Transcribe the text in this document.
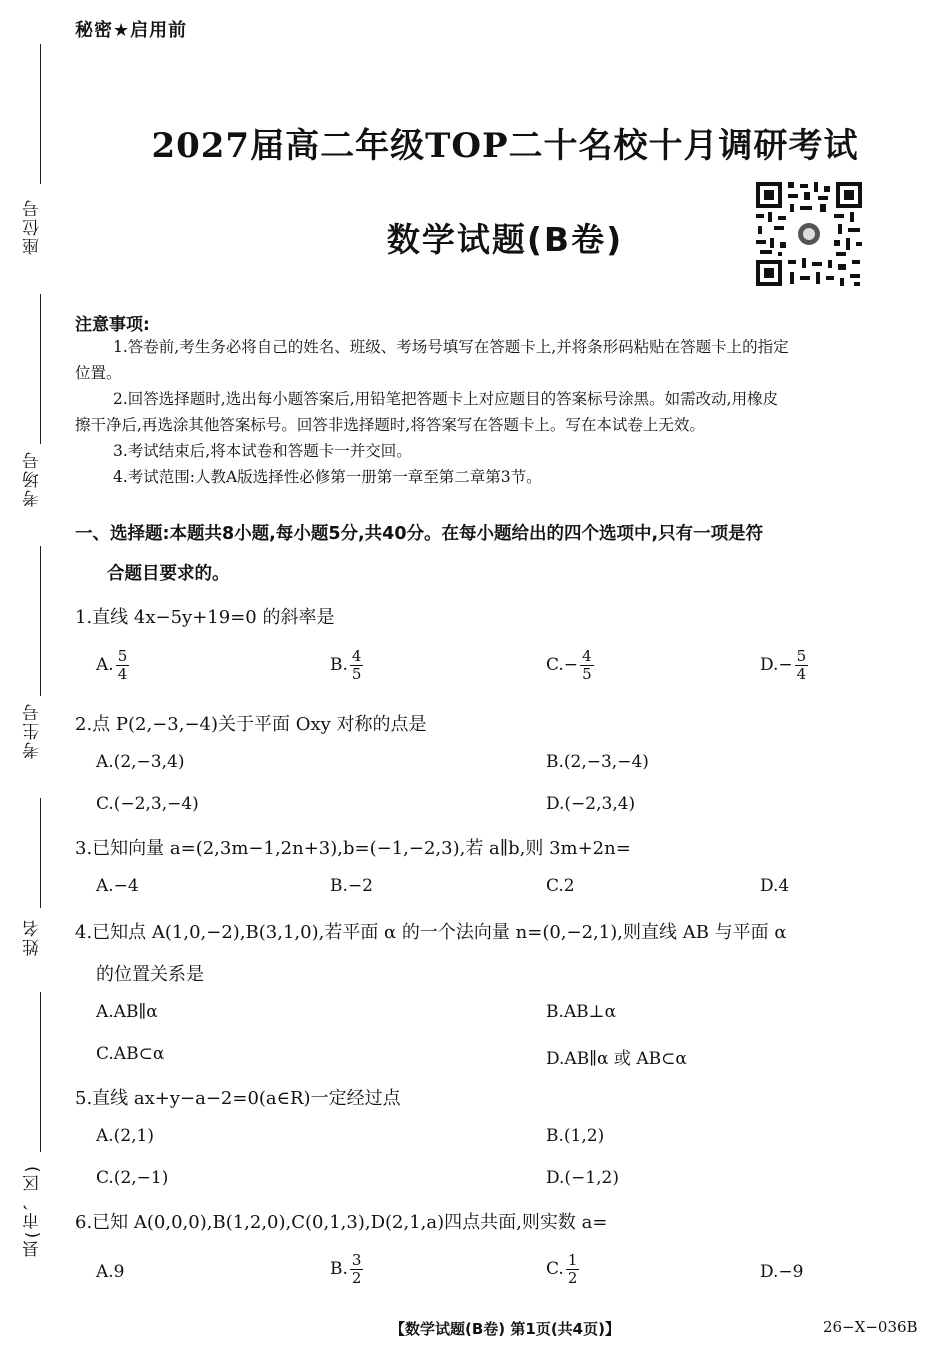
秘密★启用前
座位号
考场号
考生号
姓名
县(市、区)
2027届高二年级TOP二十名校十月调研考试
数学试题(B卷)
注意事项:
1.答卷前,考生务必将自己的姓名、班级、考场号填写在答题卡上,并将条形码粘贴在答题卡上的指定
位置。
2.回答选择题时,选出每小题答案后,用铅笔把答题卡上对应题目的答案标号涂黑。如需改动,用橡皮
擦干净后,再选涂其他答案标号。回答非选择题时,将答案写在答题卡上。写在本试卷上无效。
3.考试结束后,将本试卷和答题卡一并交回。
4.考试范围:人教A版选择性必修第一册第一章至第二章第3节。
一、选择题:本题共8小题,每小题5分,共40分。在每小题给出的四个选项中,只有一项是符
合题目要求的。
1.直线 4x−5y+19=0 的斜率是
A. $\frac{5}{4}$	B. $\frac{4}{5}$	$C.- \frac{4}{5}$	$D.- \frac{5}{4}$
2.点 P(2,−3,−4)关于平面 Oxy 对称的点是
A.(2,−3,4)	B.(2,−3,−4)
C.(−2,3,−4)	D.(−2,3,4)
3.已知向量 a=(2,3m−1,2n+3),b=(−1,−2,3),若 a∥b,则 3m+2n=
A.−4	B.−2	C.2	D.4
4.已知点 A(1,0,−2),B(3,1,0),若平面 α 的一个法向量 n=(0,−2,1),则直线 AB 与平面 α
的位置关系是
A.AB∥α	B.AB⊥α
C.AB⊂α	D.AB∥α 或 AB⊂α
5.直线 ax+y−a−2=0(a∈R)一定经过点
A.(2,1)	B.(1,2)
C.(2,−1)	D.(−1,2)
6.已知 A(0,0,0),B(1,2,0),C(0,1,3),D(2,1,a)四点共面,则实数 a=
A.9	B. $\frac{3}{2}$	C. $\frac{1}{2}$	D.−9
【数学试题(B卷) 第1页(共4页)】	26−X−036B
